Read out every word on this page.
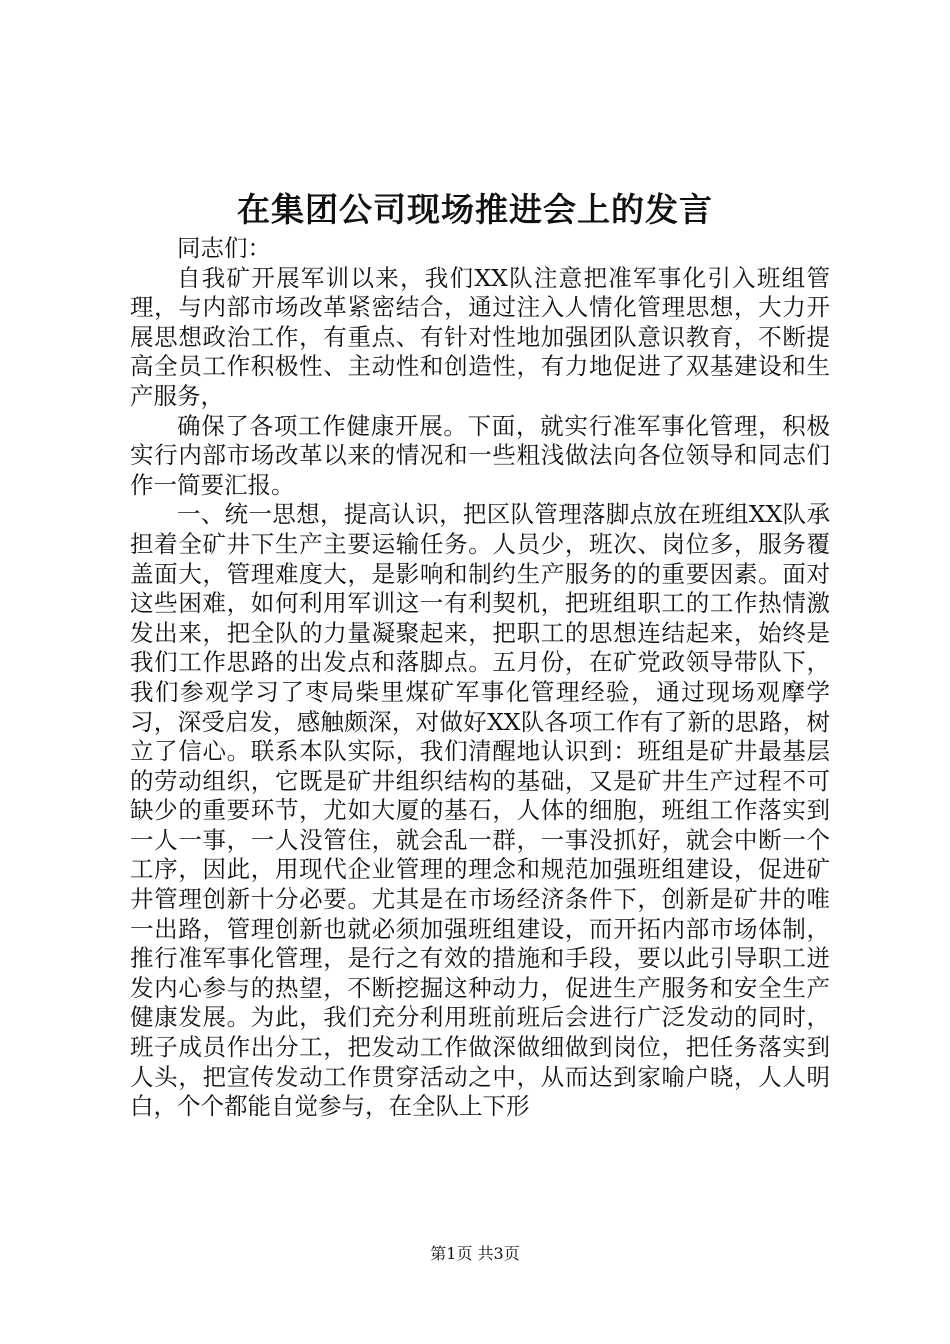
在集团公司现场推进会上的发言

同志们：

自我矿开展军训以来，我们XX队注意把准军事化引入班组管理，与内部市场改革紧密结合，通过注入人情化管理思想，大力开展思想政治工作，有重点、有针对性地加强团队意识教育，不断提高全员工作积极性、主动性和创造性，有力地促进了双基建设和生产服务，

确保了各项工作健康开展。下面，就实行准军事化管理，积极实行内部市场改革以来的情况和一些粗浅做法向各位领导和同志们作一简要汇报。

一、统一思想，提高认识，把区队管理落脚点放在班组XX队承担着全矿井下生产主要运输任务。人员少，班次、岗位多，服务覆盖面大，管理难度大，是影响和制约生产服务的的重要因素。面对这些困难，如何利用军训这一有利契机，把班组职工的工作热情激发出来，把全队的力量凝聚起来，把职工的思想连结起来，始终是我们工作思路的出发点和落脚点。五月份，在矿党政领导带队下，我们参观学习了枣局柴里煤矿军事化管理经验，通过现场观摩学习，深受启发，感触颇深，对做好XX队各项工作有了新的思路，树立了信心。联系本队实际，我们清醒地认识到：班组是矿井最基层的劳动组织，它既是矿井组织结构的基础，又是矿井生产过程不可缺少的重要环节，尤如大厦的基石，人体的细胞，班组工作落实到一人一事，一人没管住，就会乱一群，一事没抓好，就会中断一个工序，因此，用现代企业管理的理念和规范加强班组建设，促进矿井管理创新十分必要。尤其是在市场经济条件下，创新是矿井的唯一出路，管理创新也就必须加强班组建设，而开拓内部市场体制，推行准军事化管理，是行之有效的措施和手段，要以此引导职工迸发内心参与的热望，不断挖掘这种动力，促进生产服务和安全生产健康发展。为此，我们充分利用班前班后会进行广泛发动的同时，班子成员作出分工，把发动工作做深做细做到岗位，把任务落实到人头，把宣传发动工作贯穿活动之中，从而达到家喻户晓，人人明白，个个都能自觉参与，在全队上下形

第1页 共3页
